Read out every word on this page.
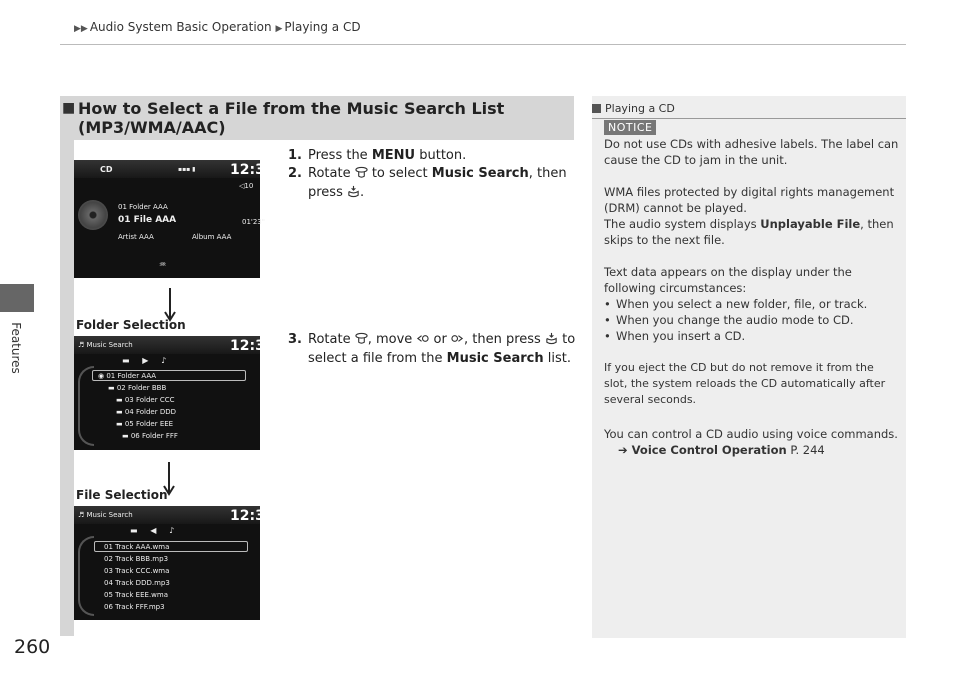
▶▶ Audio System Basic Operation ▶ Playing a CD
Features
260
■ How to Select a File from the Music Search List
(MP3/WMA/AAC)
1. Press the MENU button.
2. Rotate  to select Music Search, then press .
3. Rotate , move  or , then press  to select a file from the Music Search list.
CD	▪▪▪ ▮ 12:34
◁10
01 Folder AAA
01 File AAA	01'23"
Artist AAA	Album AAA
♒
Folder Selection
♬ Music Search	12:34
▬     ▶     ♪
◉ 01 Folder AAA
▬ 02 Folder BBB
▬ 03 Folder CCC
▬ 04 Folder DDD
▬ 05 Folder EEE
▬ 06 Folder FFF
File Selection
♬ Music Search	12:34
▬     ◀     ♪
01 Track AAA.wma
02 Track BBB.mp3
03 Track CCC.wma
04 Track DDD.mp3
05 Track EEE.wma
06 Track FFF.mp3
Playing a CD
NOTICE
Do not use CDs with adhesive labels. The label can cause the CD to jam in the unit.
WMA files protected by digital rights management (DRM) cannot be played.
The audio system displays Unplayable File, then skips to the next file.
Text data appears on the display under the following circumstances:
• When you select a new folder, file, or track.
• When you change the audio mode to CD.
• When you insert a CD.
If you eject the CD but do not remove it from the slot, the system reloads the CD automatically after several seconds.
You can control a CD audio using voice commands.
➔ Voice Control Operation P. 244
